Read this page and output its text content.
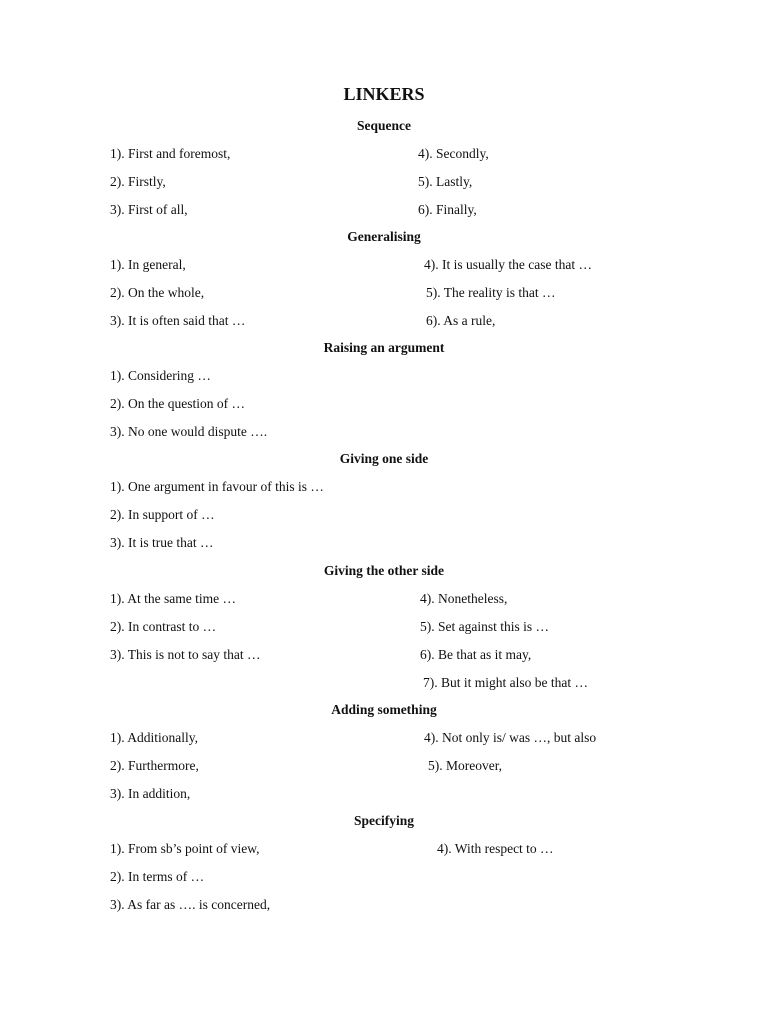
LINKERS
Sequence
1). First and foremost,
2). Firstly,
3). First of all,
4). Secondly,
5). Lastly,
6). Finally,
Generalising
1). In general,
2). On the whole,
3). It is often said that …
4). It is usually the case that …
5). The reality is that …
6). As a rule,
Raising an argument
1). Considering …
2). On the question of …
3). No one would dispute ….
Giving one side
1). One argument in favour of this is …
2). In support of …
3). It is true that …
Giving the other side
1). At the same time …
2). In contrast to …
3). This is not to say that …
4). Nonetheless,
5). Set against this is …
6). Be that as it may,
7). But it might also be that …
Adding something
1). Additionally,
2). Furthermore,
3). In addition,
4). Not only is/ was …, but also
5). Moreover,
Specifying
1). From sb’s point of view,
2). In terms of …
3). As far as …. is concerned,
4). With respect to …
